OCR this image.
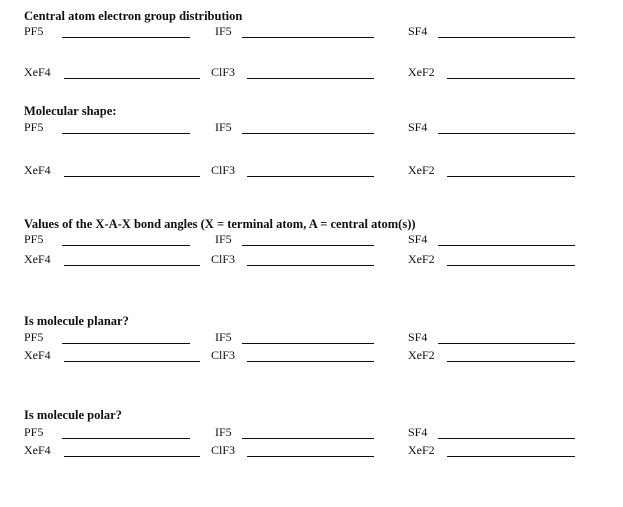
Central atom electron group distribution
PF5	IF5	SF4
XeF4	ClF3	XeF2
Molecular shape:
PF5	IF5	SF4
XeF4	ClF3	XeF2
Values of the X-A-X bond angles (X = terminal atom, A = central atom(s))
PF5	IF5	SF4
XeF4	ClF3	XeF2
Is molecule planar?
PF5	IF5	SF4
XeF4	ClF3	XeF2
Is molecule polar?
PF5	IF5	SF4
XeF4	ClF3	XeF2
